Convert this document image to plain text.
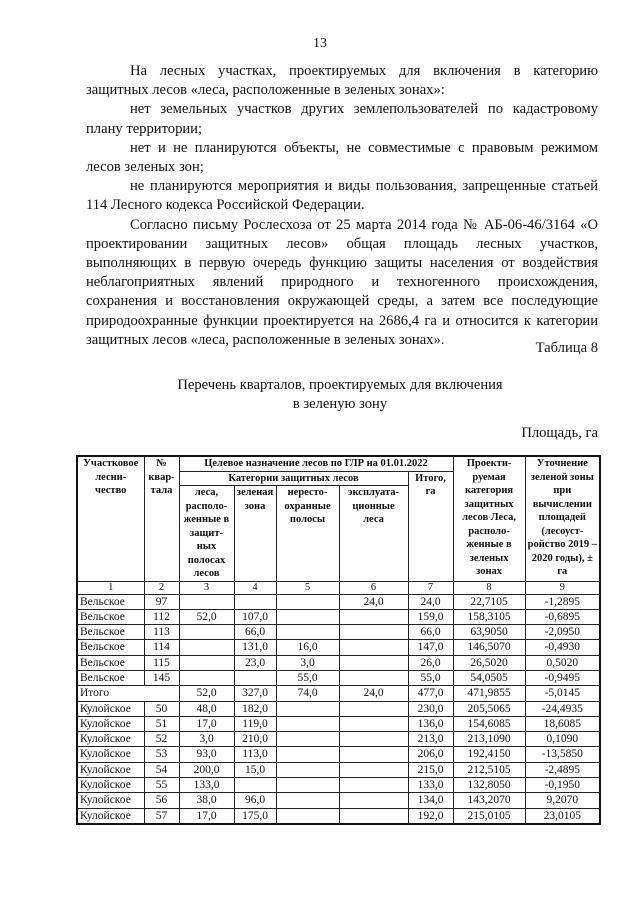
13

На лесных участках, проектируемых для включения в категорию защитных лесов «леса, расположенные в зеленых зонах»:

нет земельных участков других землепользователей по кадастровому плану территории;

нет и не планируются объекты, не совместимые с правовым режимом лесов зеленых зон;

не планируются мероприятия и виды пользования, запрещенные статьей 114 Лесного кодекса Российской Федерации.

Согласно письму Рослесхоза от 25 марта 2014 года № АБ-06-46/3164 «О проектировании защитных лесов» общая площадь лесных участков, выполняющих в первую очередь функцию защиты населения от воздействия неблагоприятных явлений природного и техногенного происхождения, сохранения и восстановления окружающей среды, а затем все последующие природоохранные функции проектируется на 2686,4 га и относится к категории защитных лесов «леса, расположенные в зеленых зонах».

Таблица 8
Перечень кварталов, проектируемых для включения
в зеленую зону
Площадь, га
Участковое лесни-чество	№ квар-тала	Целевое назначение лесов по ГЛР на 01.01.2022					Проекти-руемая категория защитных лесов Леса, располо-женные в зеленых зонах	Уточнение зеленой зоны при вычислении площадей (лесоуст-ройство 2019 – 2020 годы), ± га
		Категории защитных лесов				Итого, га		
		леса, располо-женные в защит-ных полосах лесов	зеленая зона	нересто-охранные полосы	эксплуата-ционные леса			
1	2	3	4	5	6	7	8	9
Вельское	97				24,0	24,0	22,7105	-1,2895
Вельское	112	52,0	107,0			159,0	158,3105	-0,6895
Вельское	113		66,0			66,0	63,9050	-2,0950
Вельское	114		131,0	16,0		147,0	146,5070	-0,4930
Вельское	115		23,0	3,0		26,0	26,5020	0,5020
Вельское	145			55,0		55,0	54,0505	-0,9495
Итого		52,0	327,0	74,0	24,0	477,0	471,9855	-5,0145
Кулойское	50	48,0	182,0			230,0	205,5065	-24,4935
Кулойское	51	17,0	119,0			136,0	154,6085	18,6085
Кулойское	52	3,0	210,0			213,0	213,1090	0,1090
Кулойское	53	93,0	113,0			206,0	192,4150	-13,5850
Кулойское	54	200,0	15,0			215,0	212,5105	-2,4895
Кулойское	55	133,0				133,0	132,8050	-0,1950
Кулойское	56	38,0	96,0			134,0	143,2070	9,2070
Кулойское	57	17,0	175,0			192,0	215,0105	23,0105
